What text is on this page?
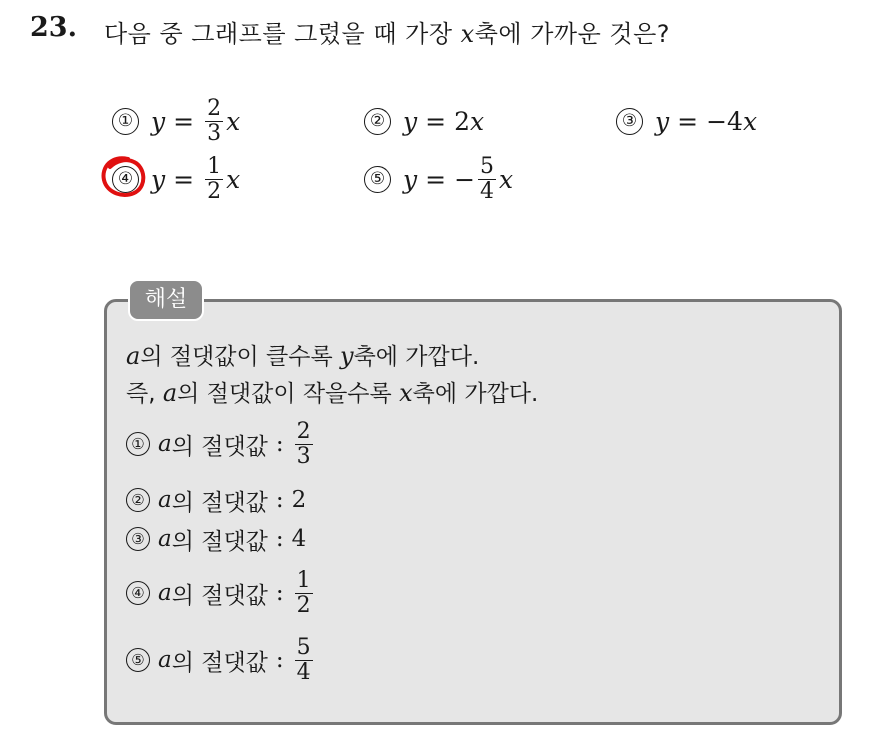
23. 다음 중 그래프를 그렸을 때 가장 x축에 가까운 것은?
① $y = \frac{2}{3}$ x	② y = 2 x	③ y = − 4 x
④ $y = \frac{1}{2}$ x	⑤ y = − $\frac{5}{4}$ x
해설
a의 절댓값이 클수록 y축에 가깝다.
즉, a의 절댓값이 작을수록 x축에 가깝다.
① a 의 절댓값 : $\frac{2}{3}$
② a 의 절댓값 : 2
③ a 의 절댓값 : 4
④ a 의 절댓값 : $\frac{1}{2}$
⑤ a 의 절댓값 : $\frac{5}{4}$
